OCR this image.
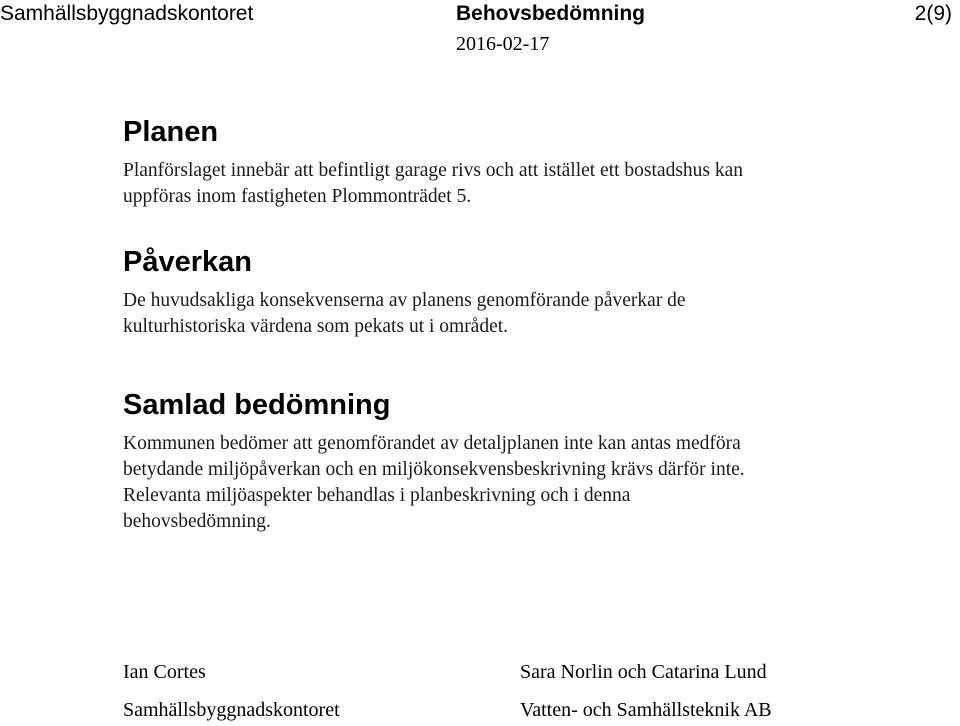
Samhällsbyggnadskontoret	Behovsbedömning	2(9)
2016-02-17
Planen

Planförslaget innebär att befintligt garage rivs och att istället ett bostadshus kan

uppföras inom fastigheten Plommonträdet 5.

Påverkan

De huvudsakliga konsekvenserna av planens genomförande påverkar de

kulturhistoriska värdena som pekats ut i området.

Samlad bedömning

Kommunen bedömer att genomförandet av detaljplanen inte kan antas medföra

betydande miljöpåverkan och en miljökonsekvensbeskrivning krävs därför inte.

Relevanta miljöaspekter behandlas i planbeskrivning och i denna

behovsbedömning.

Ian Cortes
Samhällsbyggnadskontoret
Sara Norlin och Catarina Lund
Vatten- och Samhällsteknik AB
